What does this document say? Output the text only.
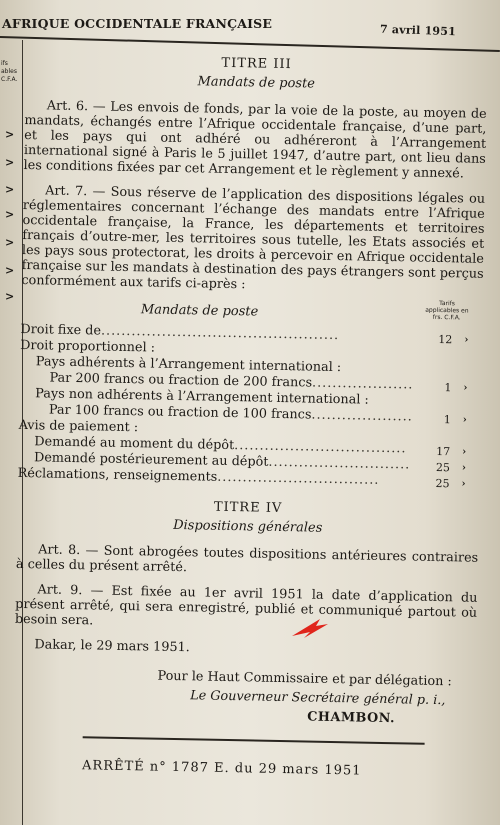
AFRIQUE OCCIDENTALE FRANÇAISE	7 avril 1951
ifs
ables
C.F.A.
>
>
>
>
>
>
>
TITRE III
Mandats de poste

Art. 6. — Les envois de fonds, par la voie de la poste, au moyen de mandats, échangés entre l’Afrique occidentale française, d’une part, et les pays qui ont adhéré ou adhéreront à l’Arrangement international signé à Paris le 5 juillet 1947, d’autre part, ont lieu dans les conditions fixées par cet Arrangement et le règlement y annexé.

Art. 7. — Sous réserve de l’application des dispositions légales ou réglementaires concernant l’échange des mandats entre l’Afrique occidentale française, la France, les départements et territoires français d’outre-mer, les territoires sous tutelle, les Etats associés et les pays sous protectorat, les droits à percevoir en Afrique occidentale française sur les mandats à destination des pays étrangers sont perçus conformément aux tarifs ci-après :

Mandats de poste	Tarifs applicables en frs. C.F.A.
Droit fixe de...............................................	12 ›
Droit proportionnel :
Pays adhérents à l’Arrangement international :
Par 200 francs ou fraction de 200 francs....................	1 ›
Pays non adhérents à l’Arrangement international :
Par 100 francs ou fraction de 100 francs....................	1 ›
Avis de paiement :
Demandé au moment du dépôt..................................	17 ›
Demandé postérieurement au dépôt............................	25 ›
Réclamations, renseignements................................	25 ›
TITRE IV
Dispositions générales

Art. 8. — Sont abrogées toutes dispositions antérieures contraires à celles du présent arrêté.

Art. 9. — Est fixée au 1er avril 1951 la date d’application du présent arrêté, qui sera enregistré, publié et communiqué partout où besoin sera.

Dakar, le 29 mars 1951.
Pour le Haut Commissaire et par délégation :
Le Gouverneur Secrétaire général p. i.,
CHAMBON.
ARRÊTÉ n° 1787 E. du 29 mars 1951
